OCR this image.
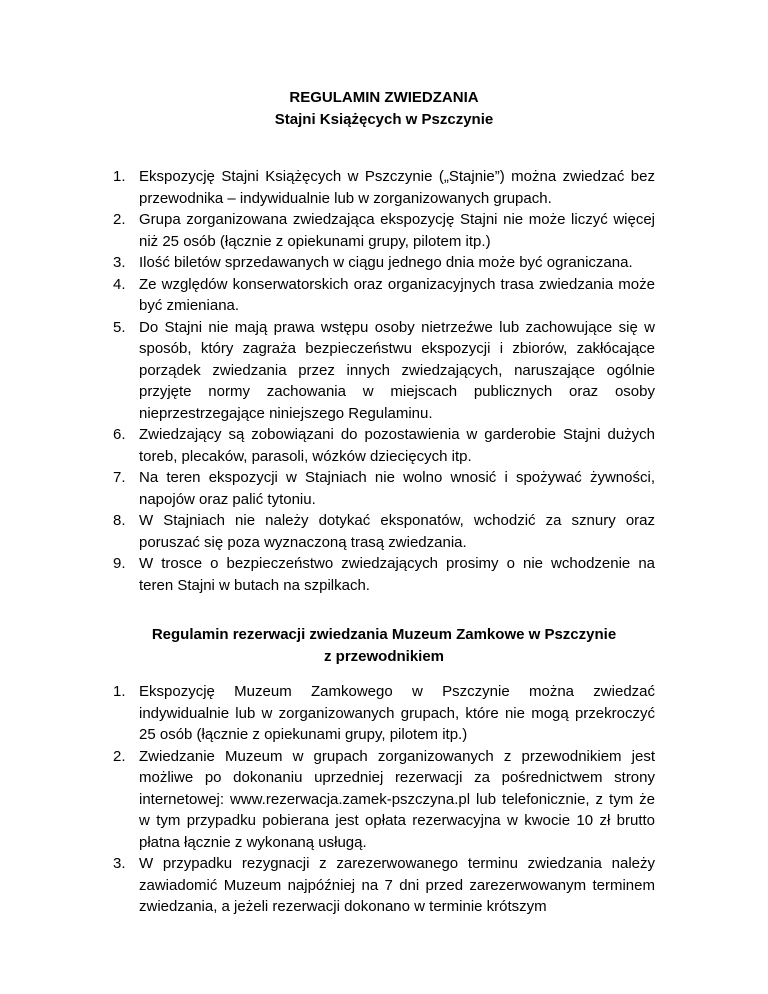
REGULAMIN ZWIEDZANIA
Stajni Książęcych w Pszczynie
1. Ekspozycję Stajni Książęcych w Pszczynie („Stajnie”) można zwiedzać bez przewodnika – indywidualnie lub w zorganizowanych grupach.
2. Grupa zorganizowana zwiedzająca ekspozycję Stajni nie może liczyć więcej niż 25 osób (łącznie z opiekunami grupy, pilotem itp.)
3. Ilość biletów sprzedawanych w ciągu jednego dnia może być ograniczana.
4. Ze względów konserwatorskich oraz organizacyjnych trasa zwiedzania może być zmieniana.
5. Do Stajni nie mają prawa wstępu osoby nietrzeźwe lub zachowujące się w sposób, który zagraża bezpieczeństwu ekspozycji i zbiorów, zakłócające porządek zwiedzania przez innych zwiedzających, naruszające ogólnie przyjęte normy zachowania w miejscach publicznych oraz osoby nieprzestrzegające niniejszego Regulaminu.
6. Zwiedzający są zobowiązani do pozostawienia w garderobie Stajni dużych toreb, plecaków, parasoli, wózków dziecięcych itp.
7. Na teren ekspozycji w Stajniach nie wolno wnosić i spożywać żywności, napojów oraz palić tytoniu.
8. W Stajniach nie należy dotykać eksponatów, wchodzić za sznury oraz poruszać się poza wyznaczoną trasą zwiedzania.
9. W trosce o bezpieczeństwo zwiedzających prosimy o nie wchodzenie na teren Stajni w butach na szpilkach.
Regulamin rezerwacji zwiedzania Muzeum Zamkowe w Pszczynie
z przewodnikiem
1. Ekspozycję Muzeum Zamkowego w Pszczynie można zwiedzać indywidualnie lub w zorganizowanych grupach, które nie mogą przekroczyć 25 osób (łącznie z opiekunami grupy, pilotem itp.)
2. Zwiedzanie Muzeum w grupach zorganizowanych z przewodnikiem jest możliwe po dokonaniu uprzedniej rezerwacji za pośrednictwem strony internetowej: www.rezerwacja.zamek-pszczyna.pl lub telefonicznie, z tym że w tym przypadku pobierana jest opłata rezerwacyjna w kwocie 10 zł brutto płatna łącznie z wykonaną usługą.
3. W przypadku rezygnacji z zarezerwowanego terminu zwiedzania należy zawiadomić Muzeum najpóźniej na 7 dni przed zarezerwowanym terminem zwiedzania, a jeżeli rezerwacji dokonano w terminie krótszym
